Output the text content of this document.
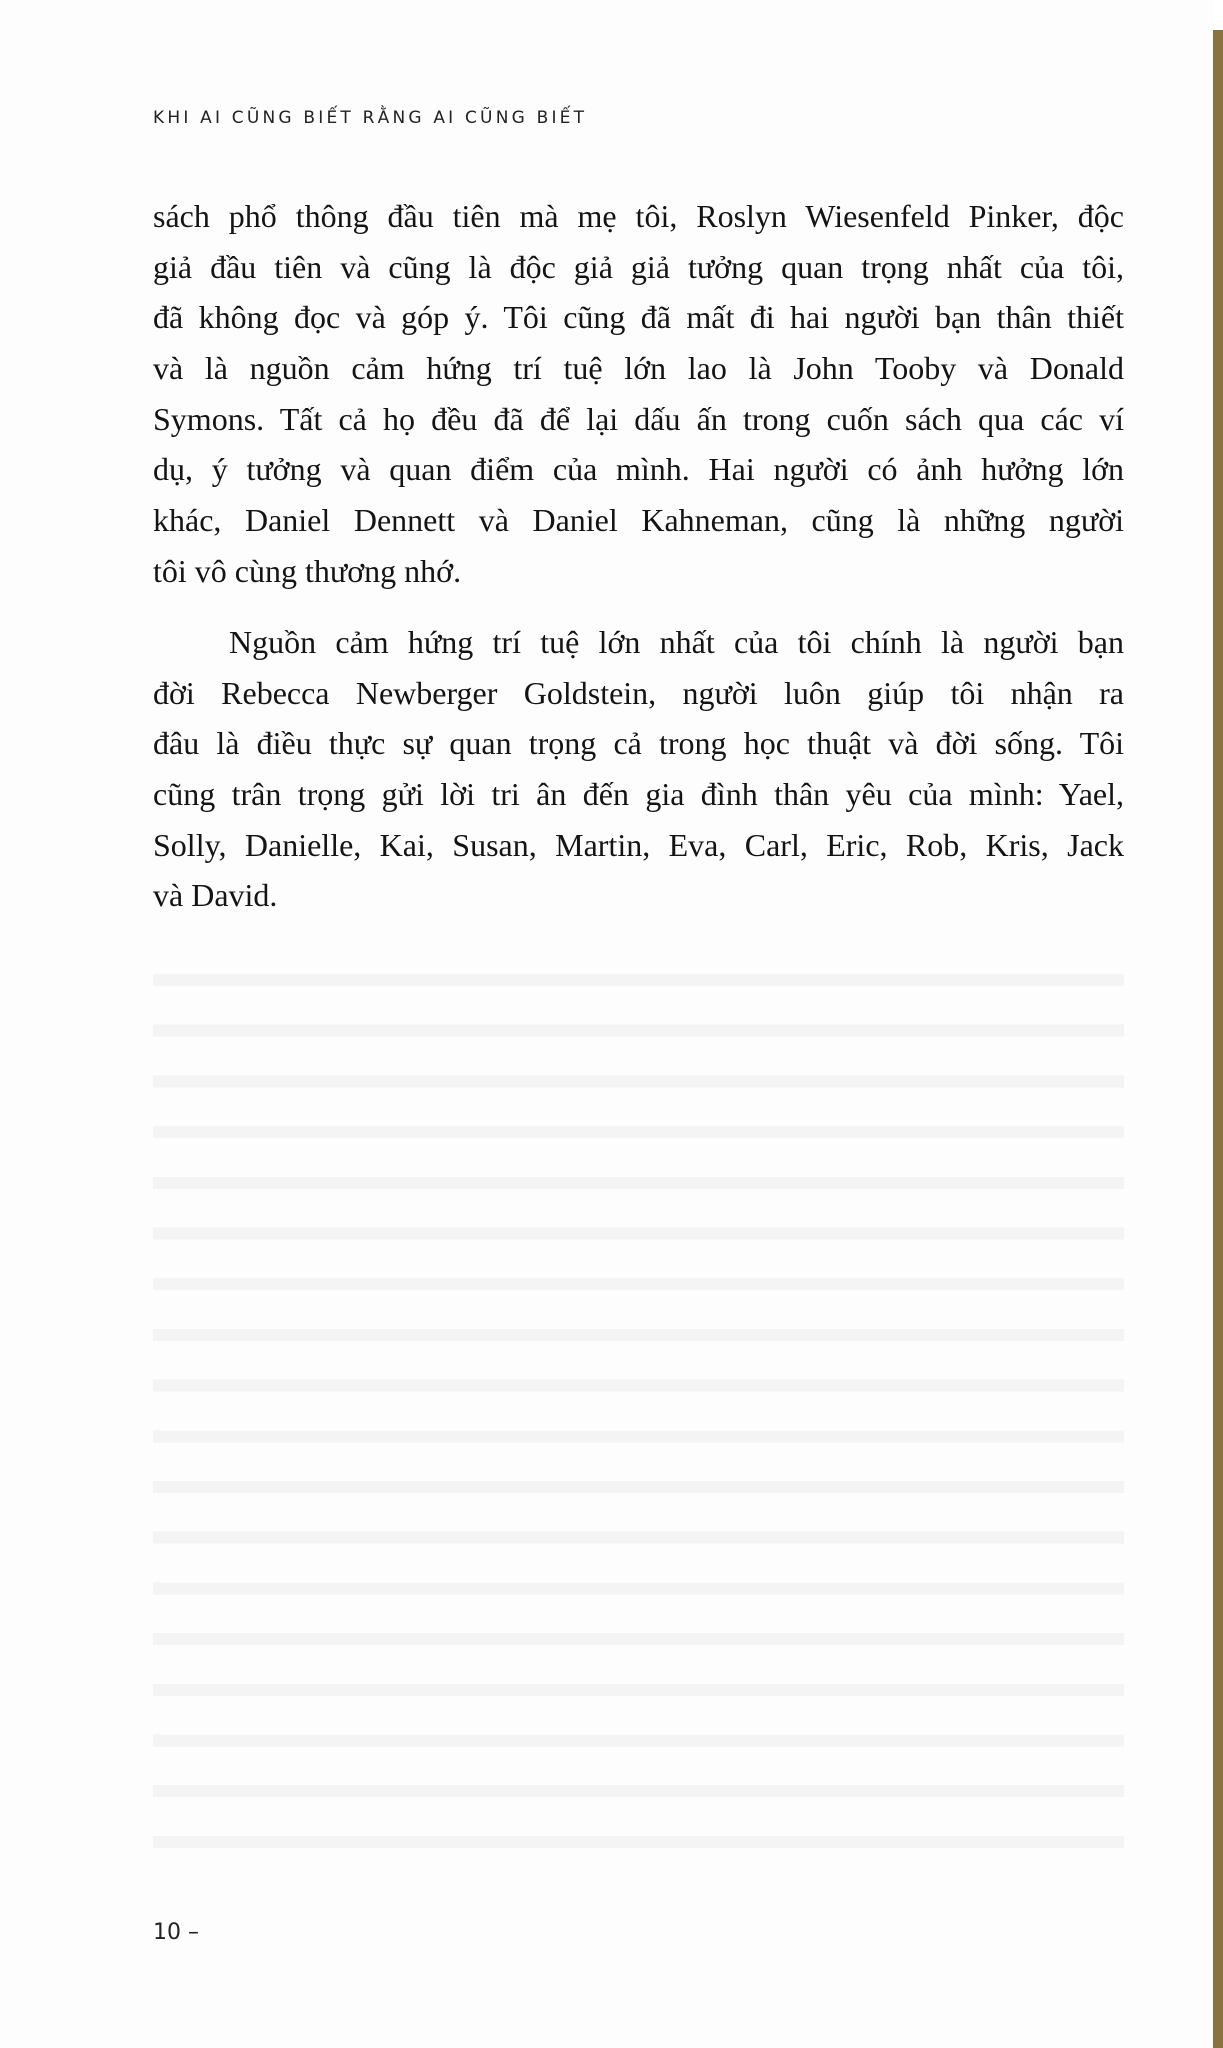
KHI AI CŨNG BIẾT RẰNG AI CŨNG BIẾT
sách phổ thông đầu tiên mà mẹ tôi, Roslyn Wiesenfeld Pinker, độc
giả đầu tiên và cũng là độc giả giả tưởng quan trọng nhất của tôi,
đã không đọc và góp ý. Tôi cũng đã mất đi hai người bạn thân thiết
và là nguồn cảm hứng trí tuệ lớn lao là John Tooby và Donald
Symons. Tất cả họ đều đã để lại dấu ấn trong cuốn sách qua các ví
dụ, ý tưởng và quan điểm của mình. Hai người có ảnh hưởng lớn
khác, Daniel Dennett và Daniel Kahneman, cũng là những người
tôi vô cùng thương nhớ.
Nguồn cảm hứng trí tuệ lớn nhất của tôi chính là người bạn
đời Rebecca Newberger Goldstein, người luôn giúp tôi nhận ra
đâu là điều thực sự quan trọng cả trong học thuật và đời sống. Tôi
cũng trân trọng gửi lời tri ân đến gia đình thân yêu của mình: Yael,
Solly, Danielle, Kai, Susan, Martin, Eva, Carl, Eric, Rob, Kris, Jack
và David.
10 –
